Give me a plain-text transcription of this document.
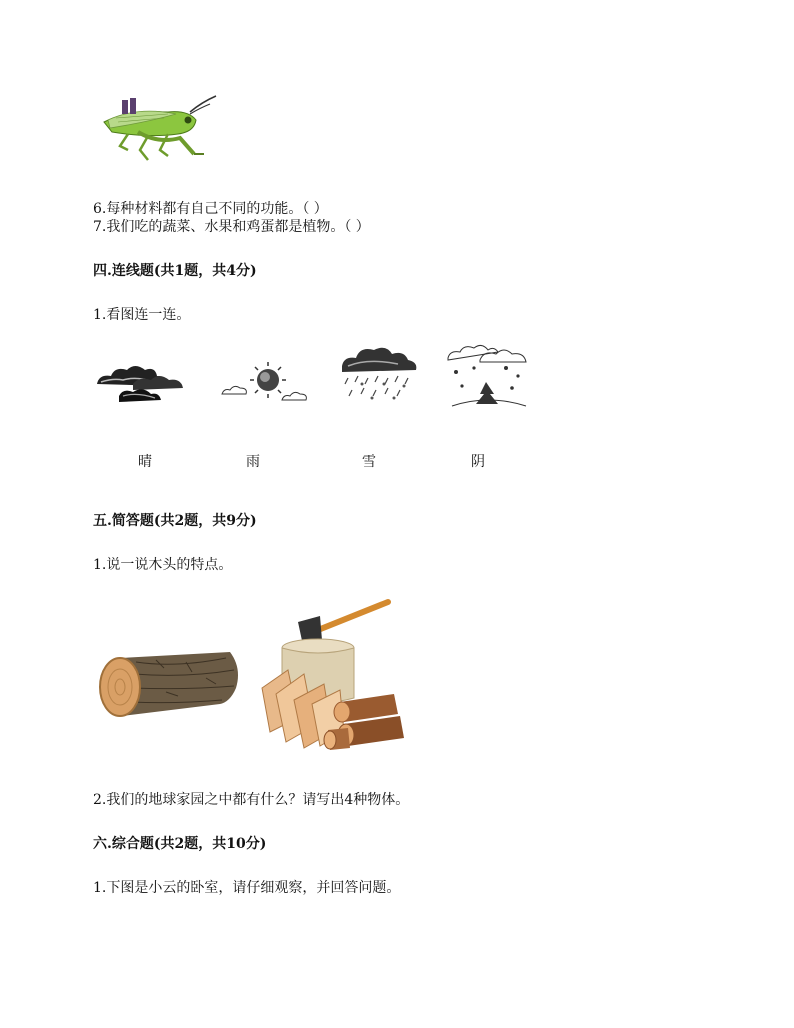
6.每种材料都有自己不同的功能。（ ）
7.我们吃的蔬菜、水果和鸡蛋都是植物。（ ）
四.连线题(共1题，共4分)
1.看图连一连。
晴	雨	雪	阴
五.简答题(共2题，共9分)
1.说一说木头的特点。
2.我们的地球家园之中都有什么？请写出4种物体。
六.综合题(共2题，共10分)
1.下图是小云的卧室，请仔细观察，并回答问题。
